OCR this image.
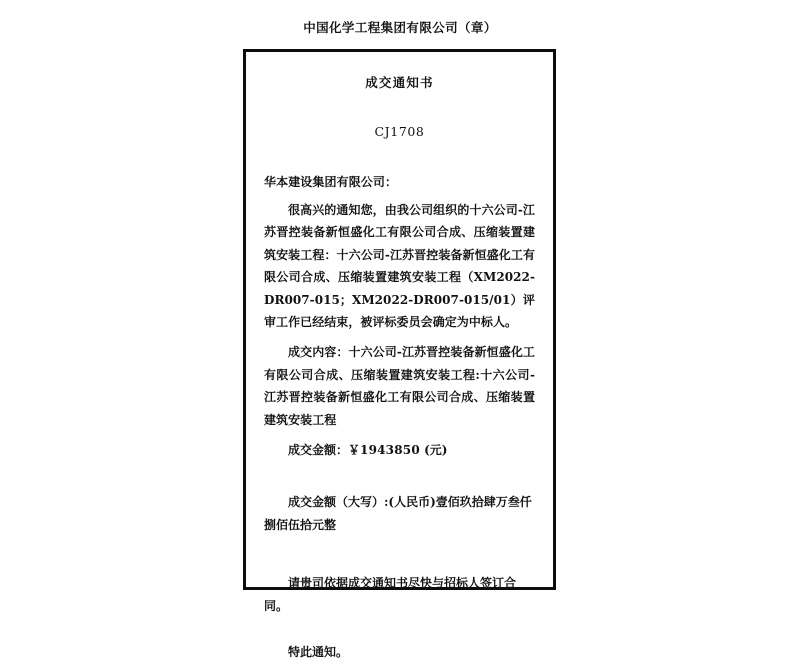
中国化学工程集团有限公司（章）
成交通知书
CJ1708
华本建设集团有限公司：
很高兴的通知您，由我公司组织的十六公司-江苏晋控装备新恒盛化工有限公司合成、压缩装置建筑安装工程：十六公司-江苏晋控装备新恒盛化工有限公司合成、压缩装置建筑安装工程（XM2022-DR007-015；XM2022-DR007-015/01）评审工作已经结束，被评标委员会确定为中标人。
成交内容：十六公司-江苏晋控装备新恒盛化工有限公司合成、压缩装置建筑安装工程:十六公司-江苏晋控装备新恒盛化工有限公司合成、压缩装置建筑安装工程
成交金额：￥1943850 (元)
成交金额（大写）:(人民币)壹佰玖拾肆万叁仟捌佰伍拾元整
请贵司依据成交通知书尽快与招标人签订合同。
特此通知。
